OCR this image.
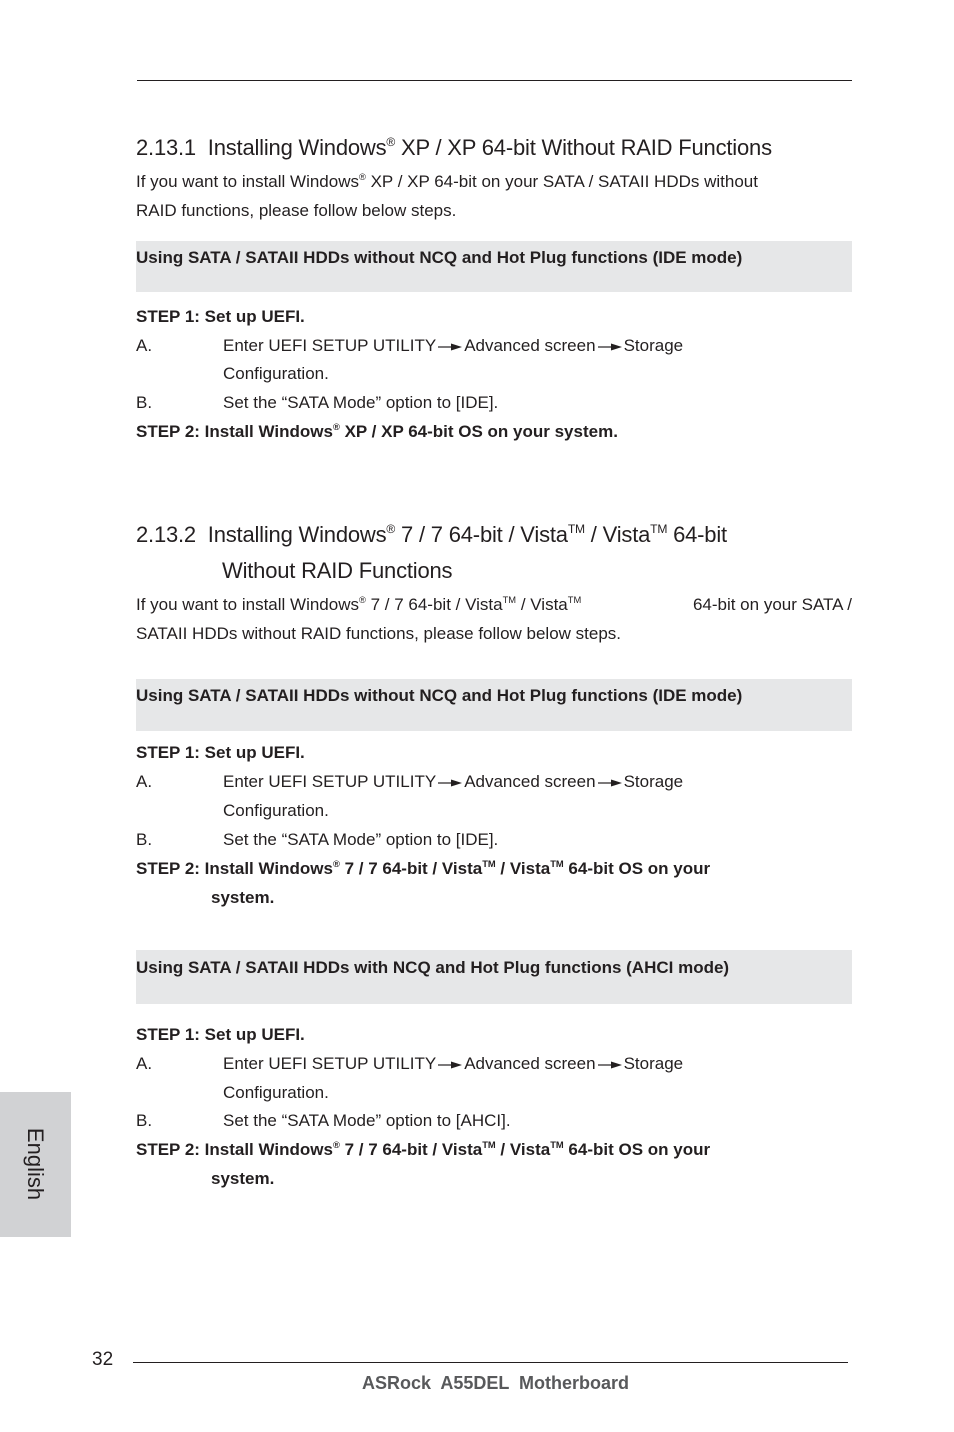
2.13.1 Installing Windows® XP / XP 64-bit Without RAID Functions
If you want to install Windows® XP / XP 64-bit on your SATA / SATAII HDDs without
RAID functions, please follow below steps.
Using SATA / SATAII HDDs without NCQ and Hot Plug functions (IDE mode)
STEP 1: Set up UEFI.
A.	Enter UEFI SETUP UTILITY Advanced screen Storage
Configuration.
B.	Set the “SATA Mode” option to [IDE].
STEP 2: Install Windows® XP / XP 64-bit OS on your system.
2.13.2 Installing Windows® 7 / 7 64-bit / Vista™ / Vista™ 64-bit
Without RAID Functions
If you want to install Windows® 7 / 7 64-bit / Vista™ / Vista™	64-bit on your SATA /
SATAII HDDs without RAID functions, please follow below steps.
Using SATA / SATAII HDDs without NCQ and Hot Plug functions (IDE mode)
STEP 1: Set up UEFI.
A.	Enter UEFI SETUP UTILITY Advanced screen Storage
Configuration.
B.	Set the “SATA Mode” option to [IDE].
STEP 2: Install Windows® 7 / 7 64-bit / Vista™ / Vista™ 64-bit OS on your
system.
Using SATA / SATAII HDDs with NCQ and Hot Plug functions (AHCI mode)
STEP 1: Set up UEFI.
A.	Enter UEFI SETUP UTILITY Advanced screen Storage
Configuration.
B.	Set the “SATA Mode” option to [AHCI].
STEP 2: Install Windows® 7 / 7 64-bit / Vista™ / Vista™ 64-bit OS on your
system.
English
32
ASRock  A55DEL  Motherboard
